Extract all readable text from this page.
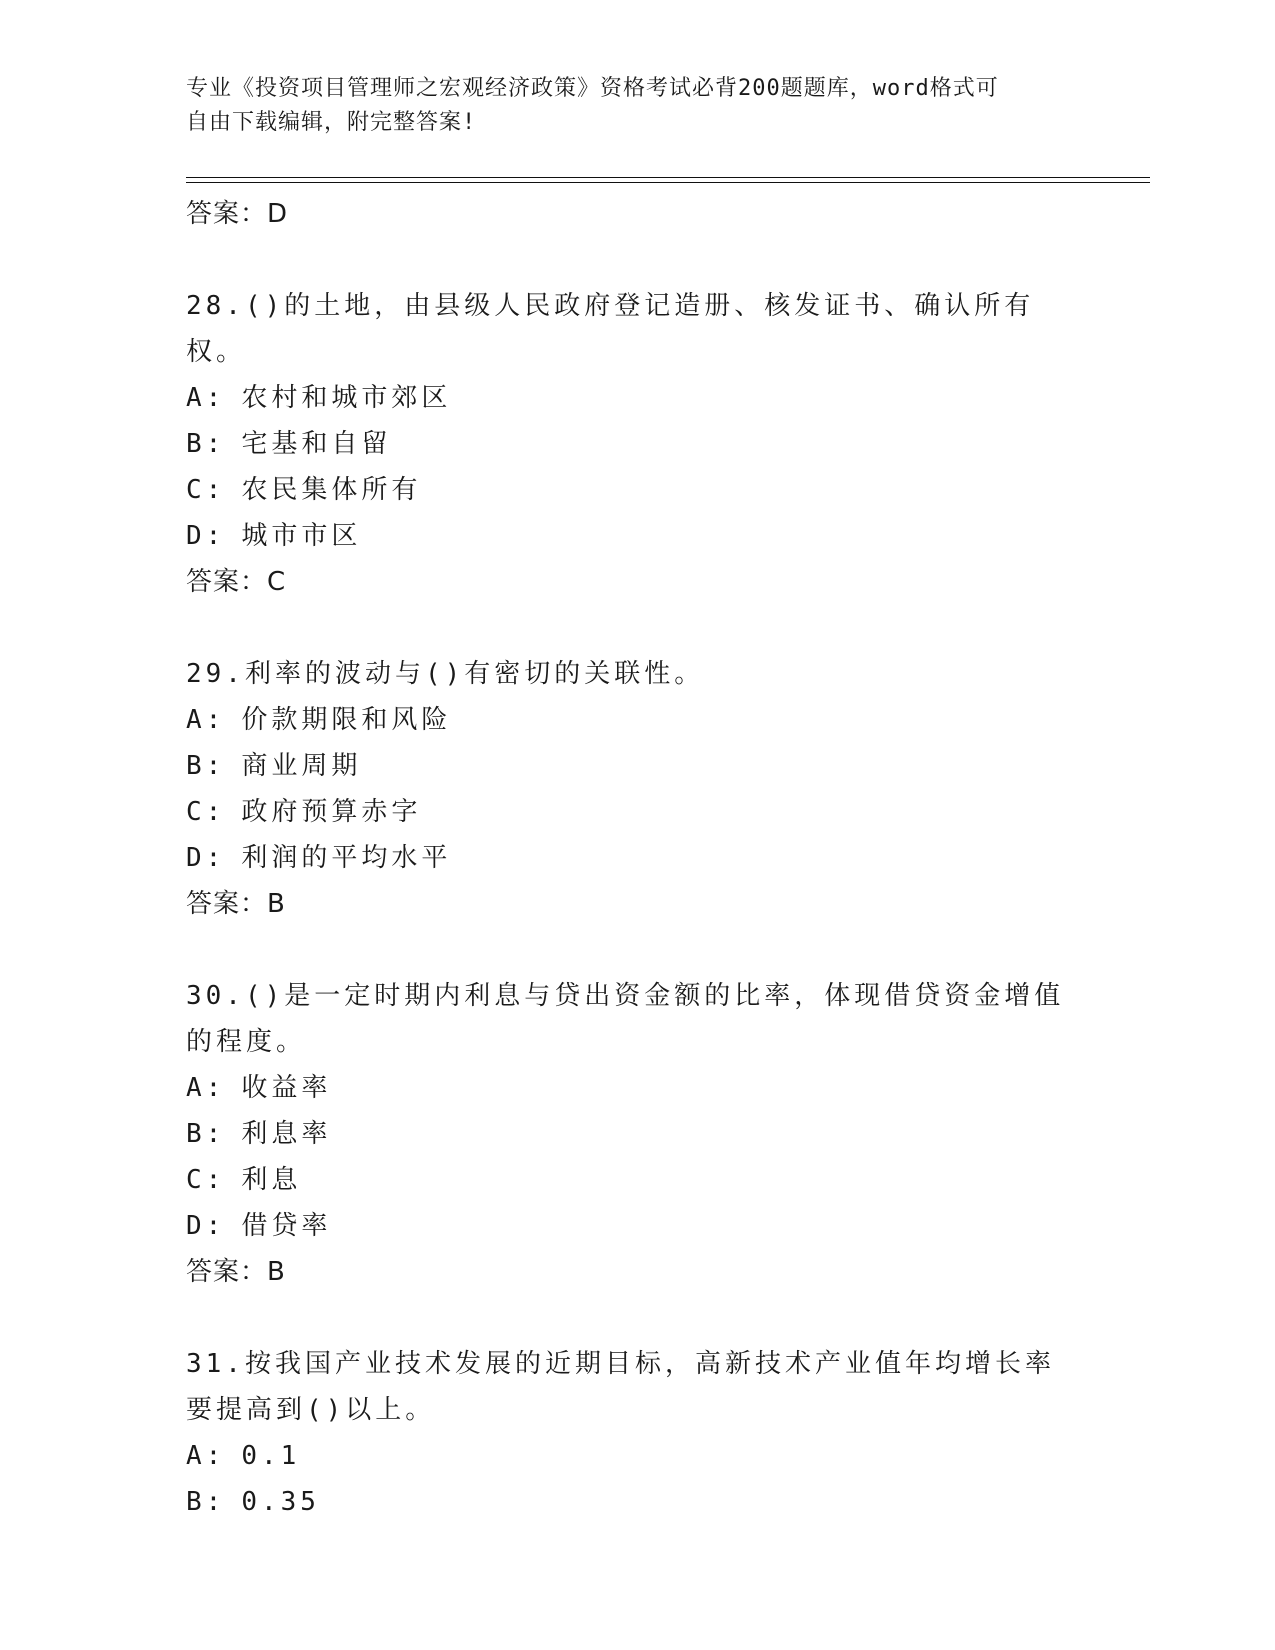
专业《投资项目管理师之宏观经济政策》资格考试必背200题题库，word格式可
自由下载编辑，附完整答案!
答案：D
28.()的土地，由县级人民政府登记造册、核发证书、确认所有权。
A: 农村和城市郊区
B: 宅基和自留
C: 农民集体所有
D: 城市市区
答案：C
29.利率的波动与()有密切的关联性。
A: 价款期限和风险
B: 商业周期
C: 政府预算赤字
D: 利润的平均水平
答案：B
30.()是一定时期内利息与贷出资金额的比率，体现借贷资金增值的程度。
A: 收益率
B: 利息率
C: 利息
D: 借贷率
答案：B
31.按我国产业技术发展的近期目标，高新技术产业值年均增长率要提高到()以上。
A: 0.1
B: 0.35
